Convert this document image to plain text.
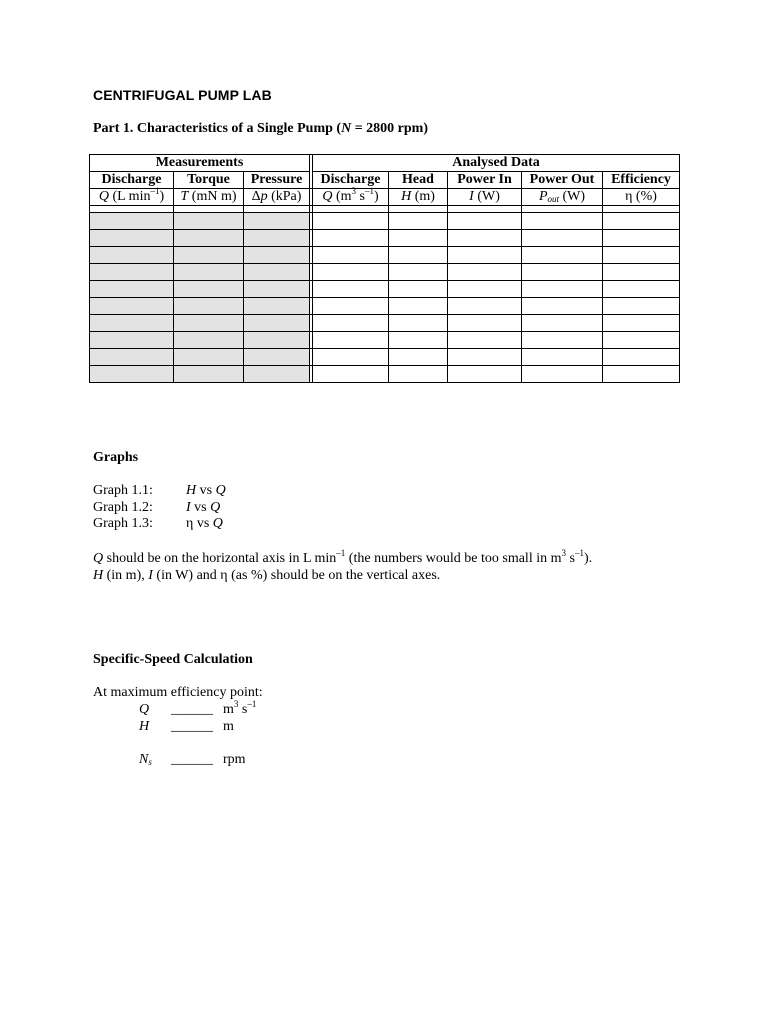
CENTRIFUGAL PUMP LAB
Part 1. Characteristics of a Single Pump (N = 2800 rpm)
Measurements				Analysed Data				
Discharge	Torque	Pressure		Discharge	Head	Power In	Power Out	Efficiency
Q (L $\min^{-1}$)	T (mN m)	Δp (kPa)		Q ($m^3$ $s^{-1}$)	H (m)	I (W)	$P_{out}$ (W)	η (%)

Graphs
Graph 1.1: H vs Q
Graph 1.2: I vs Q
Graph 1.3: η vs Q
Q should be on the horizontal axis in L $\min^{-1} (the$ numbers would be too small in $m^3$ $s^{-1}$).
H (in m), I (in W) and η (as %) should be on the vertical axes.
Specific-Speed Calculation
At maximum efficiency point:
Q ______ $m^3$ $s^{-1}$
H ______ m
$N_s$ ______ rpm
